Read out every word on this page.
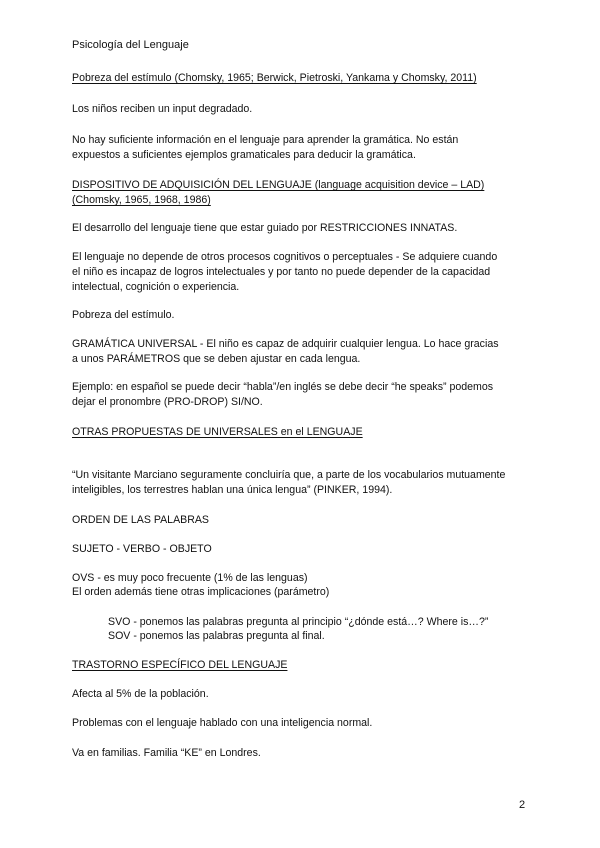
Psicología del Lenguaje
Pobreza del estímulo (Chomsky, 1965; Berwick, Pietroski, Yankama y Chomsky, 2011)
Los niños reciben un input degradado.
No hay suficiente información en el lenguaje para aprender la gramática. No están
expuestos a suficientes ejemplos gramaticales para deducir la gramática.
DISPOSITIVO DE ADQUISICIÓN DEL LENGUAJE (language acquisition device – LAD)
(Chomsky, 1965, 1968, 1986)
El desarrollo del lenguaje tiene que estar guiado por RESTRICCIONES INNATAS.
El lenguaje no depende de otros procesos cognitivos o perceptuales - Se adquiere cuando
el niño es incapaz de logros intelectuales y por tanto no puede depender de la capacidad
intelectual, cognición o experiencia.
Pobreza del estímulo.
GRAMÁTICA UNIVERSAL - El niño es capaz de adquirir cualquier lengua. Lo hace gracias
a unos PARÁMETROS que se deben ajustar en cada lengua.
Ejemplo: en español se puede decir “habla”/en inglés se debe decir “he speaks” podemos
dejar el pronombre (PRO-DROP) SI/NO.
OTRAS PROPUESTAS DE UNIVERSALES en el LENGUAJE
“Un visitante Marciano seguramente concluiría que, a parte de los vocabularios mutuamente
inteligibles, los terrestres hablan una única lengua” (PINKER, 1994).
ORDEN DE LAS PALABRAS
SUJETO - VERBO - OBJETO
OVS - es muy poco frecuente (1% de las lenguas)
El orden además tiene otras implicaciones (parámetro)
SVO - ponemos las palabras pregunta al principio “¿dónde está…? Where is…?”
SOV - ponemos las palabras pregunta al final.
TRASTORNO ESPECÍFICO DEL LENGUAJE
Afecta al 5% de la población.
Problemas con el lenguaje hablado con una inteligencia normal.
Va en familias. Familia “KE” en Londres.
2
